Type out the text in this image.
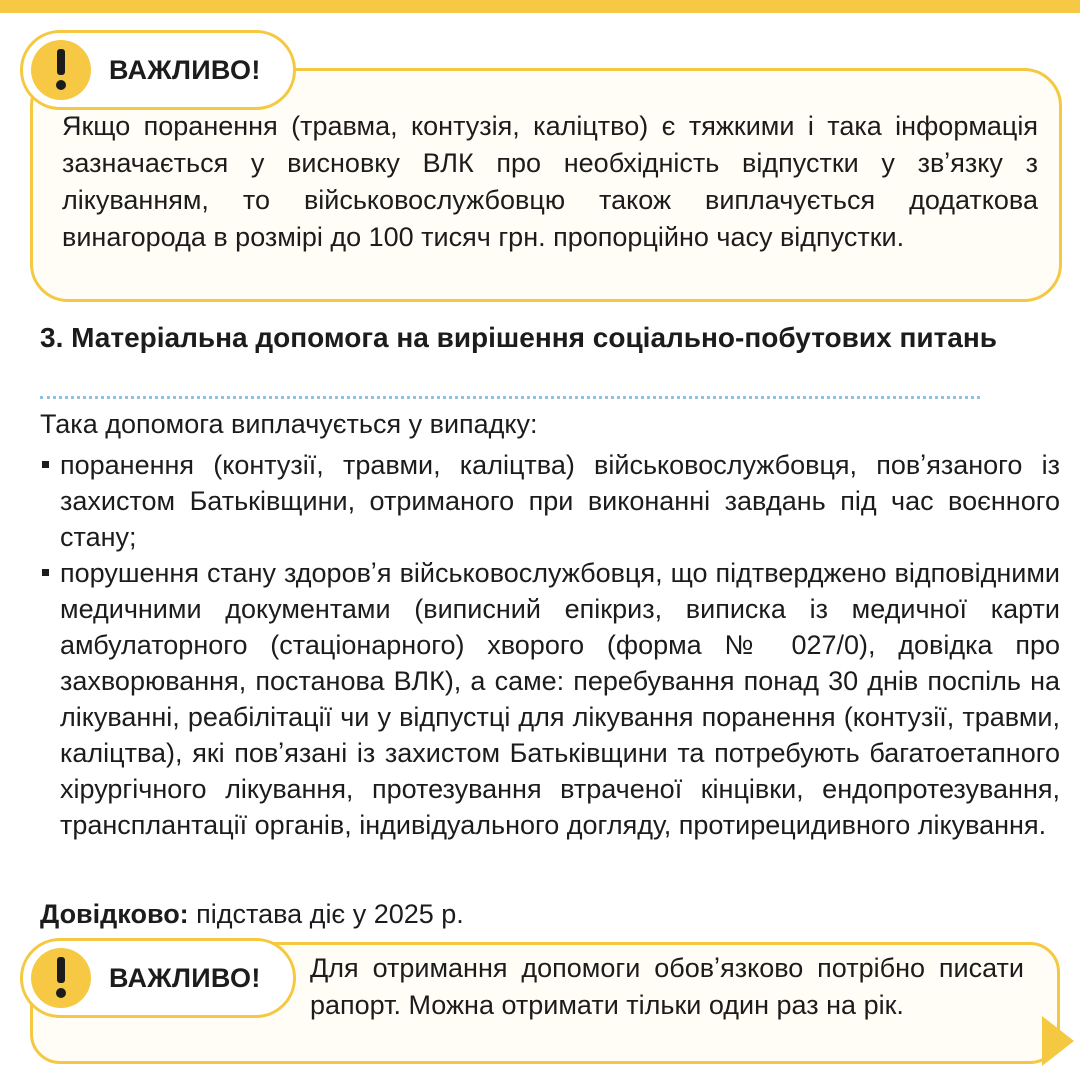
ВАЖЛИВО!
Якщо поранення (травма, контузія, каліцтво) є тяжкими і така інформація зазначається у висновку ВЛК про необхідність відпустки у звʼязку з лікуванням, то військовослужбовцю також виплачується додаткова винагорода в розмірі до 100 тисяч грн. пропорційно часу відпустки.
3. Матеріальна допомога на вирішення соціально-побутових питань
Така допомога виплачується у випадку:
поранення (контузії, травми, каліцтва) військовослужбовця, повʼязаного із захистом Батьківщини, отриманого при виконанні завдань під час воєнного стану;
порушення стану здоровʼя військовослужбовця, що підтверджено відповідними медичними документами (виписний епікриз, виписка із медичної карти амбулаторного (стаціонарного) хворого (форма № 027/0), довідка про захворювання, постанова ВЛК), а саме: перебування понад 30 днів поспіль на лікуванні, реабілітації чи у відпустці для лікування поранення (контузії, травми, каліцтва), які повʼязані із захистом Батьківщини та потребують багатоетапного хірургічного лікування, протезування втраченої кінцівки, ендопротезування, трансплантації органів, індивідуального догляду, протирецидивного лікування.
Довідково: підстава діє у 2025 р.
ВАЖЛИВО! Для отримання допомоги обовʼязково потрібно писати рапорт. Можна отримати тільки один раз на рік.
